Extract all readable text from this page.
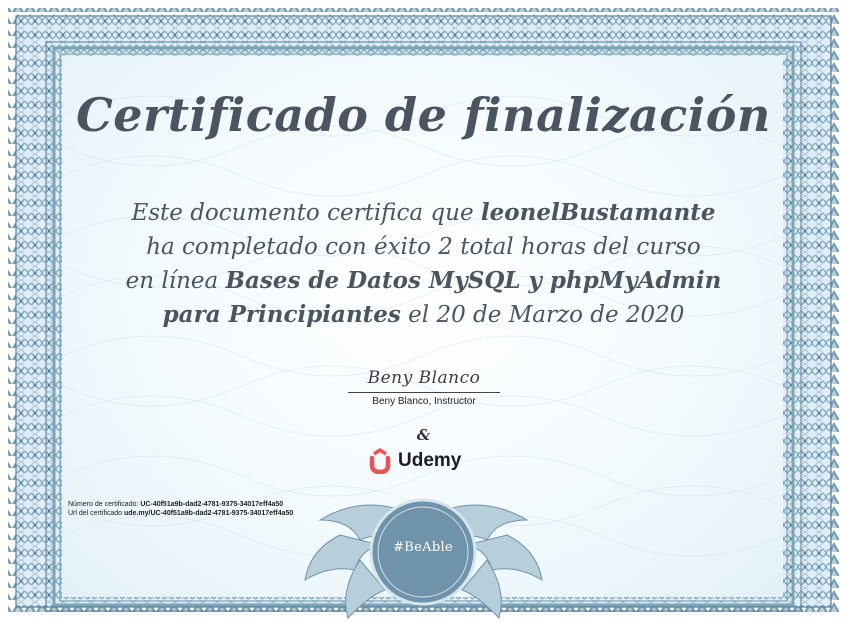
Certificado de finalización

Este documento certifica que leonelBustamante
ha completado con éxito 2 total horas del curso
en línea Bases de Datos MySQL y phpMyAdmin
para Principiantes el 20 de Marzo de 2020

Beny Blanco
Beny Blanco, Instructor
&
Udemy
Número de certificado: UC-40f51a9b-dad2-4781-9375-34017eff4a50
Url del certificado ude.my/UC-40f51a9b-dad2-4781-9375-34017eff4a50
#BeAble
